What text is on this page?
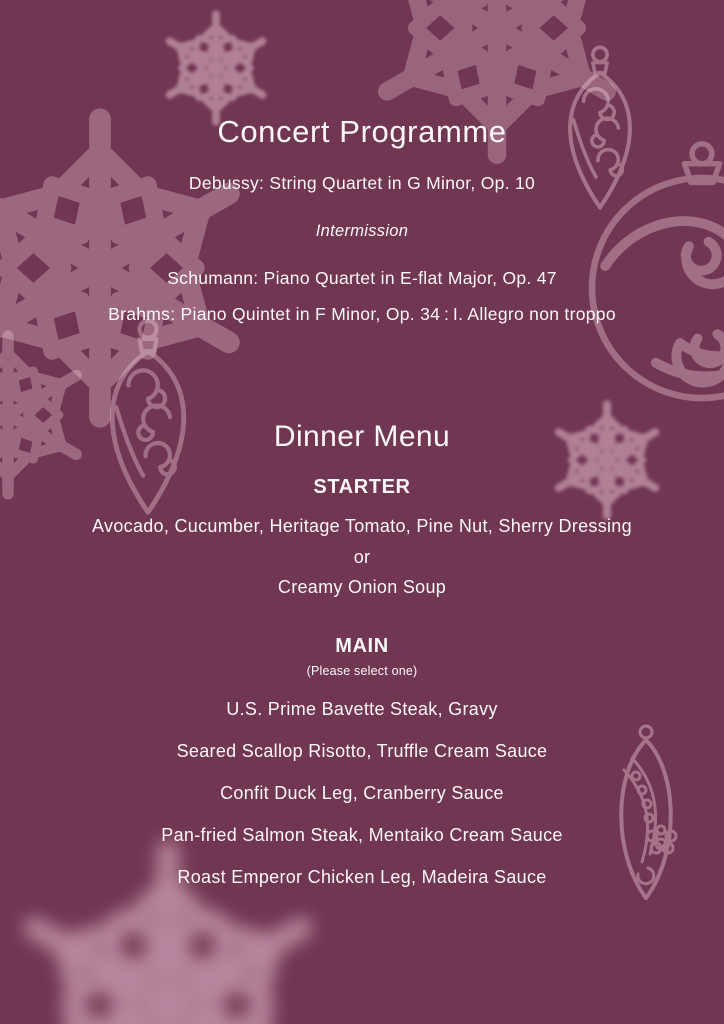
Concert Programme

Debussy: String Quartet in G Minor, Op. 10

Intermission

Schumann: Piano Quartet in E-flat Major, Op. 47

Brahms: Piano Quintet in F Minor, Op. 34 : I. Allegro non troppo

Dinner Menu
STARTER

Avocado, Cucumber, Heritage Tomato, Pine Nut, Sherry Dressing

or

Creamy Onion Soup

MAIN

(Please select one)

U.S. Prime Bavette Steak, Gravy

Seared Scallop Risotto, Truffle Cream Sauce

Confit Duck Leg, Cranberry Sauce

Pan-fried Salmon Steak, Mentaiko Cream Sauce

Roast Emperor Chicken Leg, Madeira Sauce
